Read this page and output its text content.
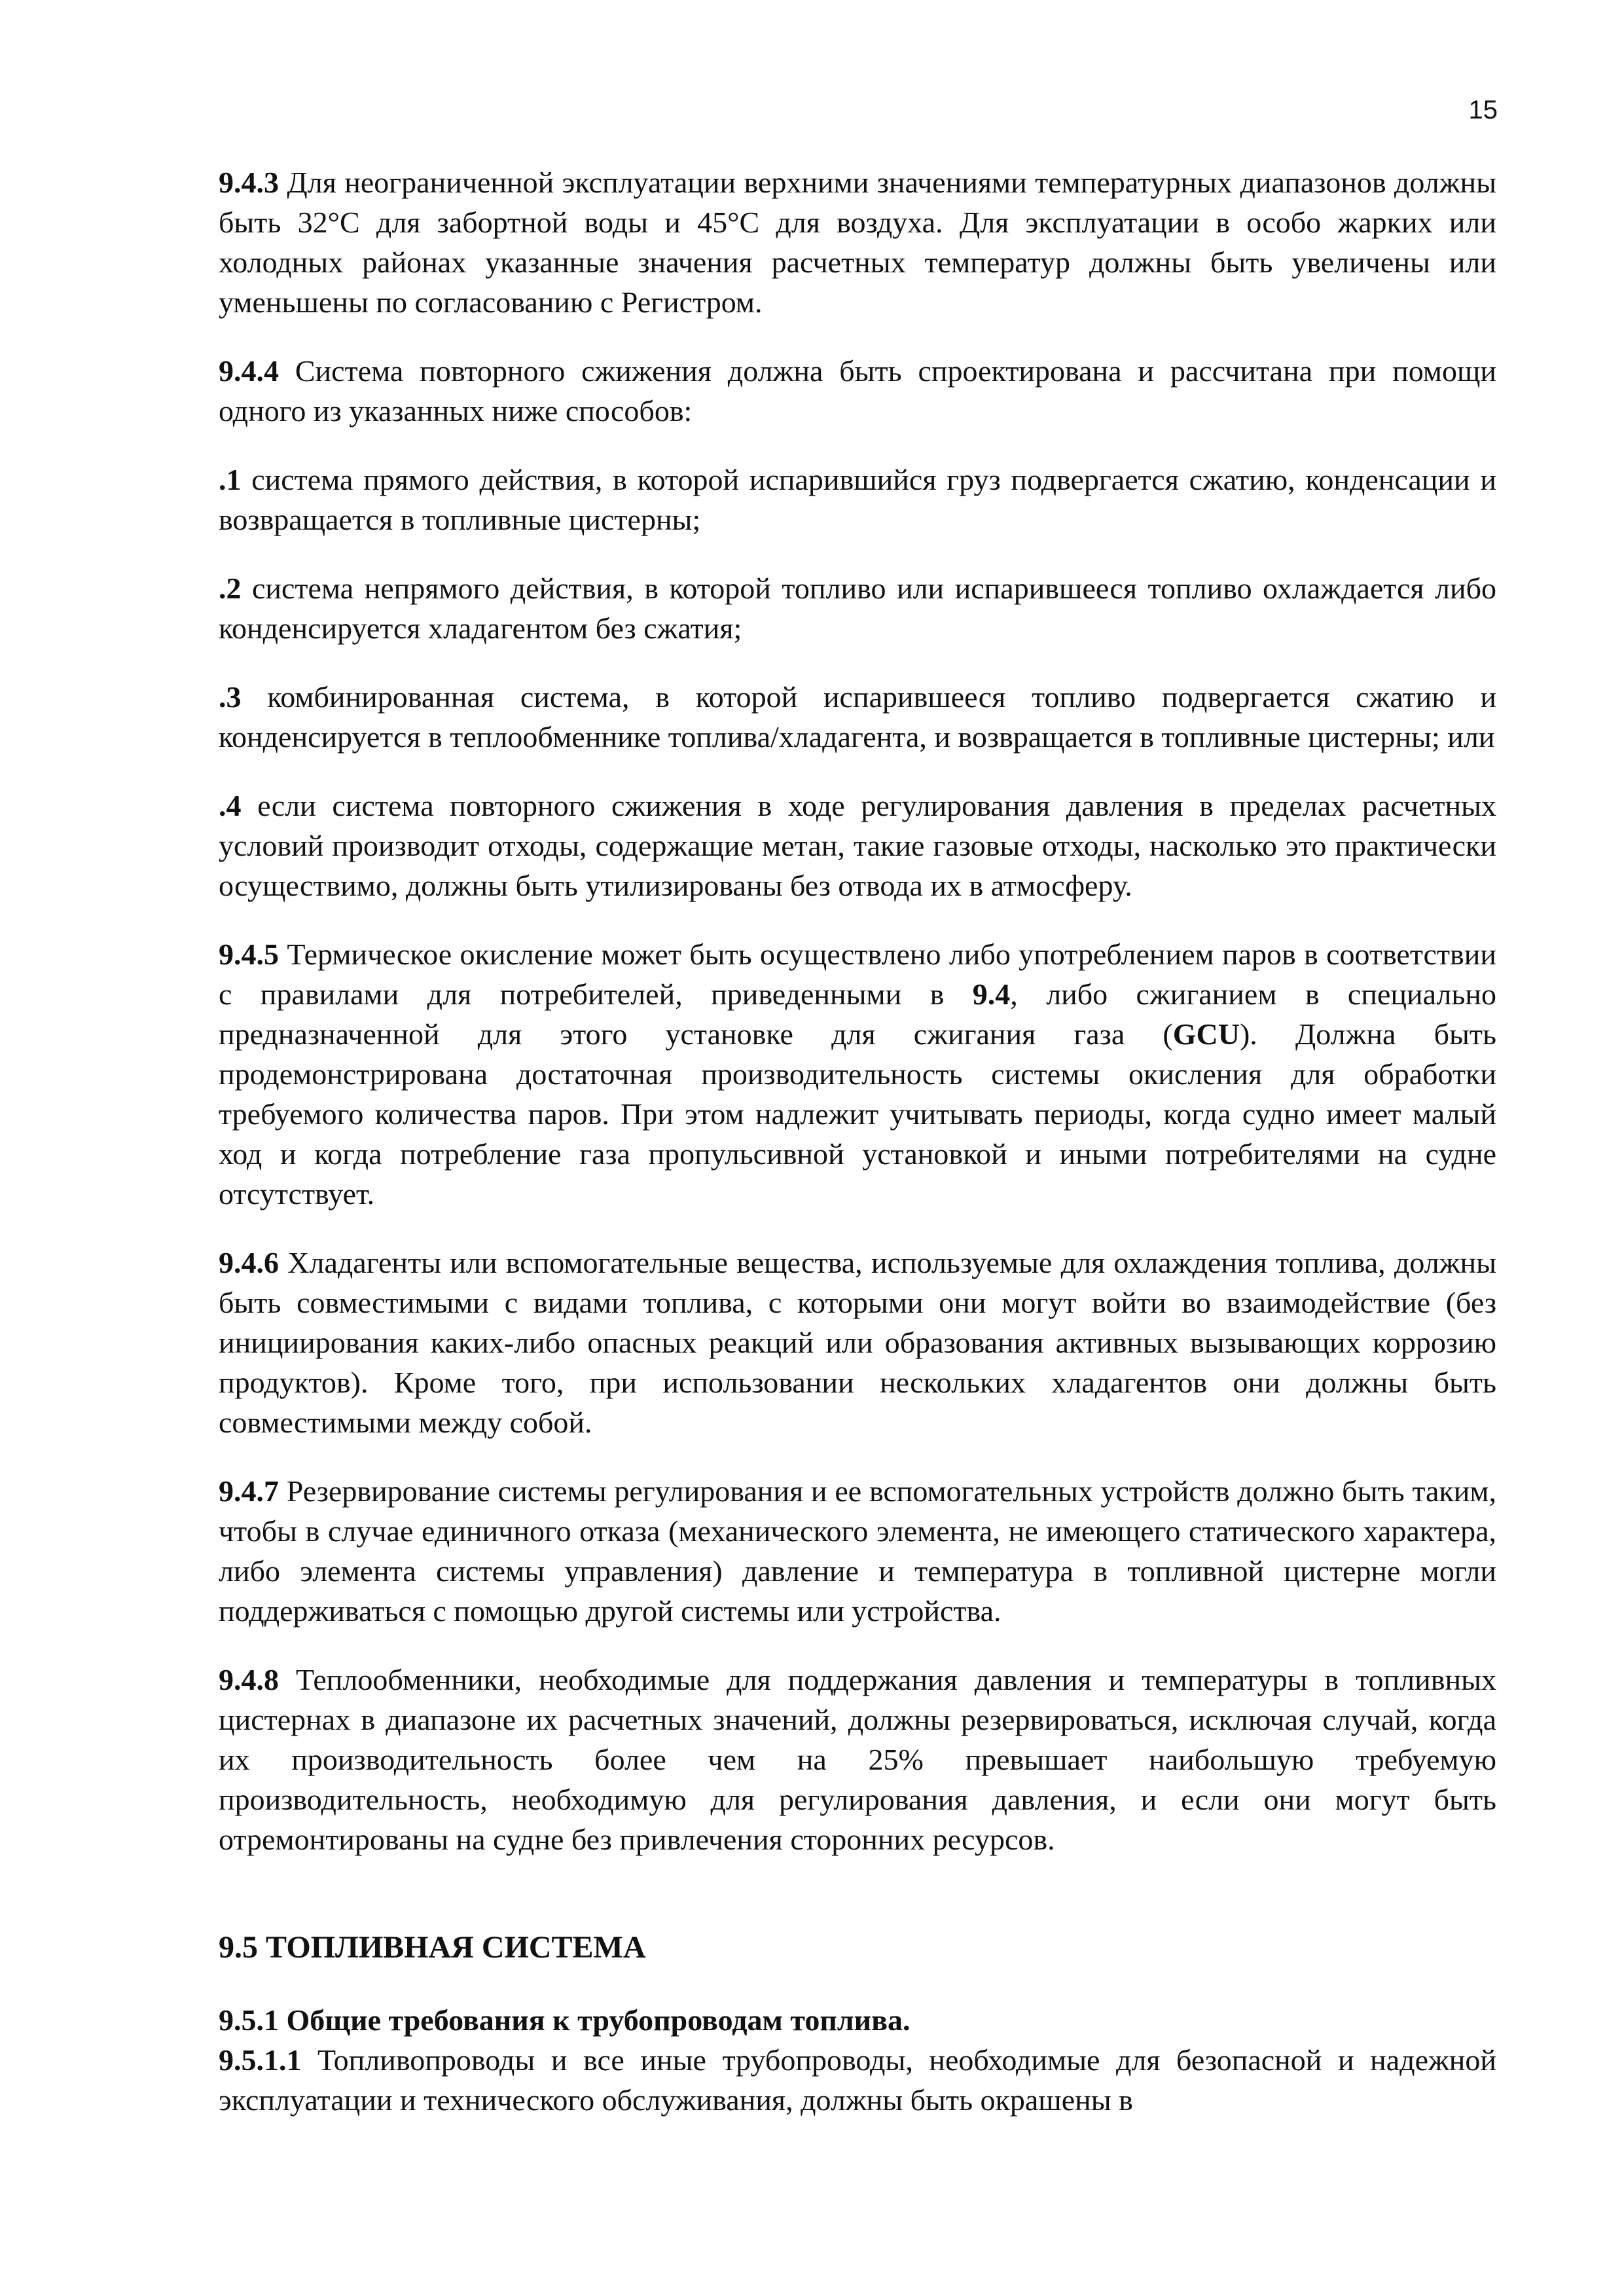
15

9.4.3 Для неограниченной эксплуатации верхними значениями температурных диапазонов должны быть 32°С для забортной воды и 45°С для воздуха. Для эксплуатации в особо жарких или холодных районах указанные значения расчетных температур должны быть увеличены или уменьшены по согласованию с Регистром.

9.4.4 Система повторного сжижения должна быть спроектирована и рассчитана при помощи одного из указанных ниже способов:

.1 система прямого действия, в которой испарившийся груз подвергается сжатию, конденсации и возвращается в топливные цистерны;

.2 система непрямого действия, в которой топливо или испарившееся топливо охлаждается либо конденсируется хладагентом без сжатия;

.3 комбинированная система, в которой испарившееся топливо подвергается сжатию и конденсируется в теплообменнике топлива/хладагента, и возвращается в топливные цистерны; или

.4 если система повторного сжижения в ходе регулирования давления в пределах расчетных условий производит отходы, содержащие метан, такие газовые отходы, насколько это практически осуществимо, должны быть утилизированы без отвода их в атмосферу.

9.4.5 Термическое окисление может быть осуществлено либо употреблением паров в соответствии с правилами для потребителей, приведенными в 9.4, либо сжиганием в специально предназначенной для этого установке для сжигания газа (GCU). Должна быть продемонстрирована достаточная производительность системы окисления для обработки требуемого количества паров. При этом надлежит учитывать периоды, когда судно имеет малый ход и когда потребление газа пропульсивной установкой и иными потребителями на судне отсутствует.

9.4.6 Хладагенты или вспомогательные вещества, используемые для охлаждения топлива, должны быть совместимыми с видами топлива, с которыми они могут войти во взаимодействие (без инициирования каких-либо опасных реакций или образования активных вызывающих коррозию продуктов). Кроме того, при использовании нескольких хладагентов они должны быть совместимыми между собой.

9.4.7 Резервирование системы регулирования и ее вспомогательных устройств должно быть таким, чтобы в случае единичного отказа (механического элемента, не имеющего статического характера, либо элемента системы управления) давление и температура в топливной цистерне могли поддерживаться с помощью другой системы или устройства.

9.4.8 Теплообменники, необходимые для поддержания давления и температуры в топливных цистернах в диапазоне их расчетных значений, должны резервироваться, исключая случай, когда их производительность более чем на 25% превышает наибольшую требуемую производительность, необходимую для регулирования давления, и если они могут быть отремонтированы на судне без привлечения сторонних ресурсов.

9.5 ТОПЛИВНАЯ СИСТЕМА

9.5.1 Общие требования к трубопроводам топлива.

9.5.1.1 Топливопроводы и все иные трубопроводы, необходимые для безопасной и надежной эксплуатации и технического обслуживания, должны быть окрашены в
